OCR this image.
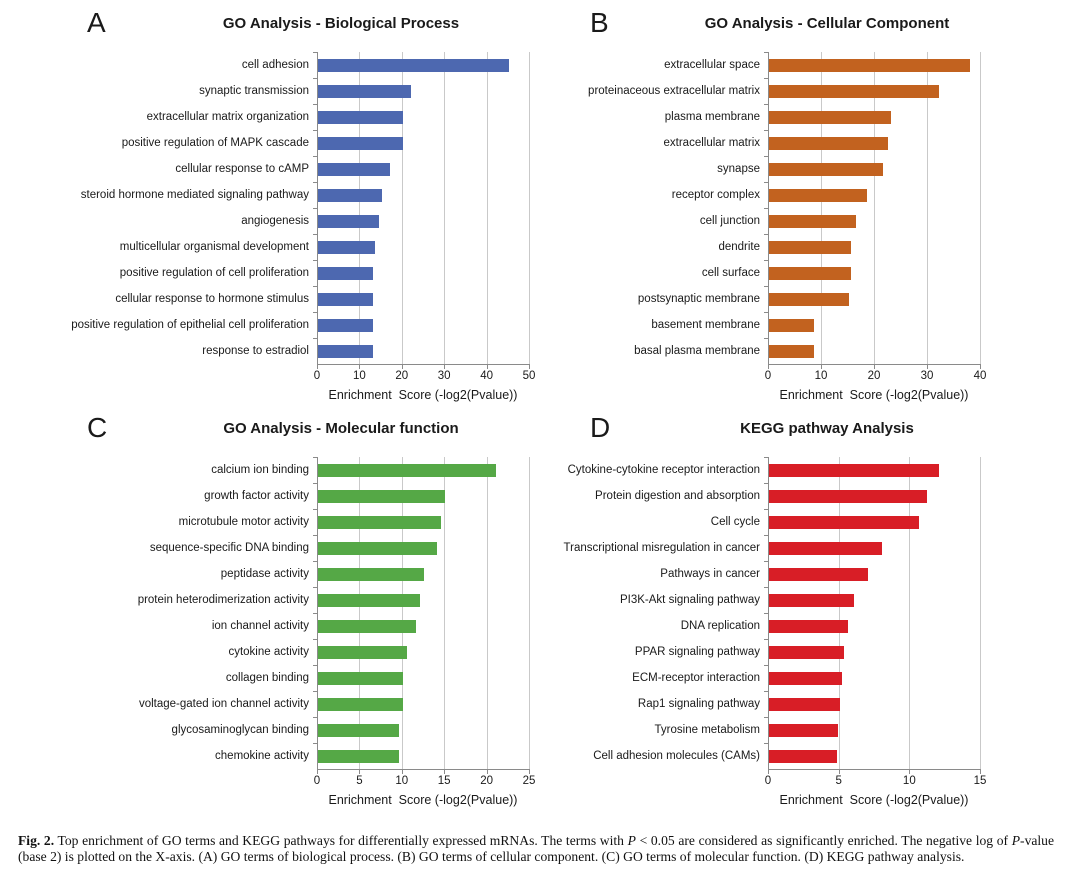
A	GO Analysis - Biological Process
cell adhesion
synaptic transmission
extracellular matrix organization
positive regulation of MAPK cascade
cellular response to cAMP
steroid hormone mediated signaling pathway
angiogenesis
multicellular organismal development
positive regulation of cell proliferation
cellular response to hormone stimulus
positive regulation of epithelial cell proliferation
response to estradiol
0	10	20	30	40	50
Enrichment  Score (-log2(Pvalue))
B	GO Analysis - Cellular Component
extracellular space
proteinaceous extracellular matrix
plasma membrane
extracellular matrix
synapse
receptor complex
cell junction
dendrite
cell surface
postsynaptic membrane
basement membrane
basal plasma membrane
0	10	20	30	40
Enrichment  Score (-log2(Pvalue))
C	GO Analysis - Molecular function
calcium ion binding
growth factor activity
microtubule motor activity
sequence-specific DNA binding
peptidase activity
protein heterodimerization activity
ion channel activity
cytokine activity
collagen binding
voltage-gated ion channel activity
glycosaminoglycan binding
chemokine activity
0	5	10	15	20	25
Enrichment  Score (-log2(Pvalue))
D	KEGG pathway Analysis
Cytokine-cytokine receptor interaction
Protein digestion and absorption
Cell cycle
Transcriptional misregulation in cancer
Pathways in cancer
PI3K-Akt signaling pathway
DNA replication
PPAR signaling pathway
ECM-receptor interaction
Rap1 signaling pathway
Tyrosine metabolism
Cell adhesion molecules (CAMs)
0	5	10	15
Enrichment  Score (-log2(Pvalue))

Fig. 2. Top enrichment of GO terms and KEGG pathways for differentially expressed mRNAs. The terms with P < 0.05 are considered as significantly enriched. The negative log of P-value (base 2) is plotted on the X-axis. (A) GO terms of biological process. (B) GO terms of cellular component. (C) GO terms of molecular function. (D) KEGG pathway analysis.
